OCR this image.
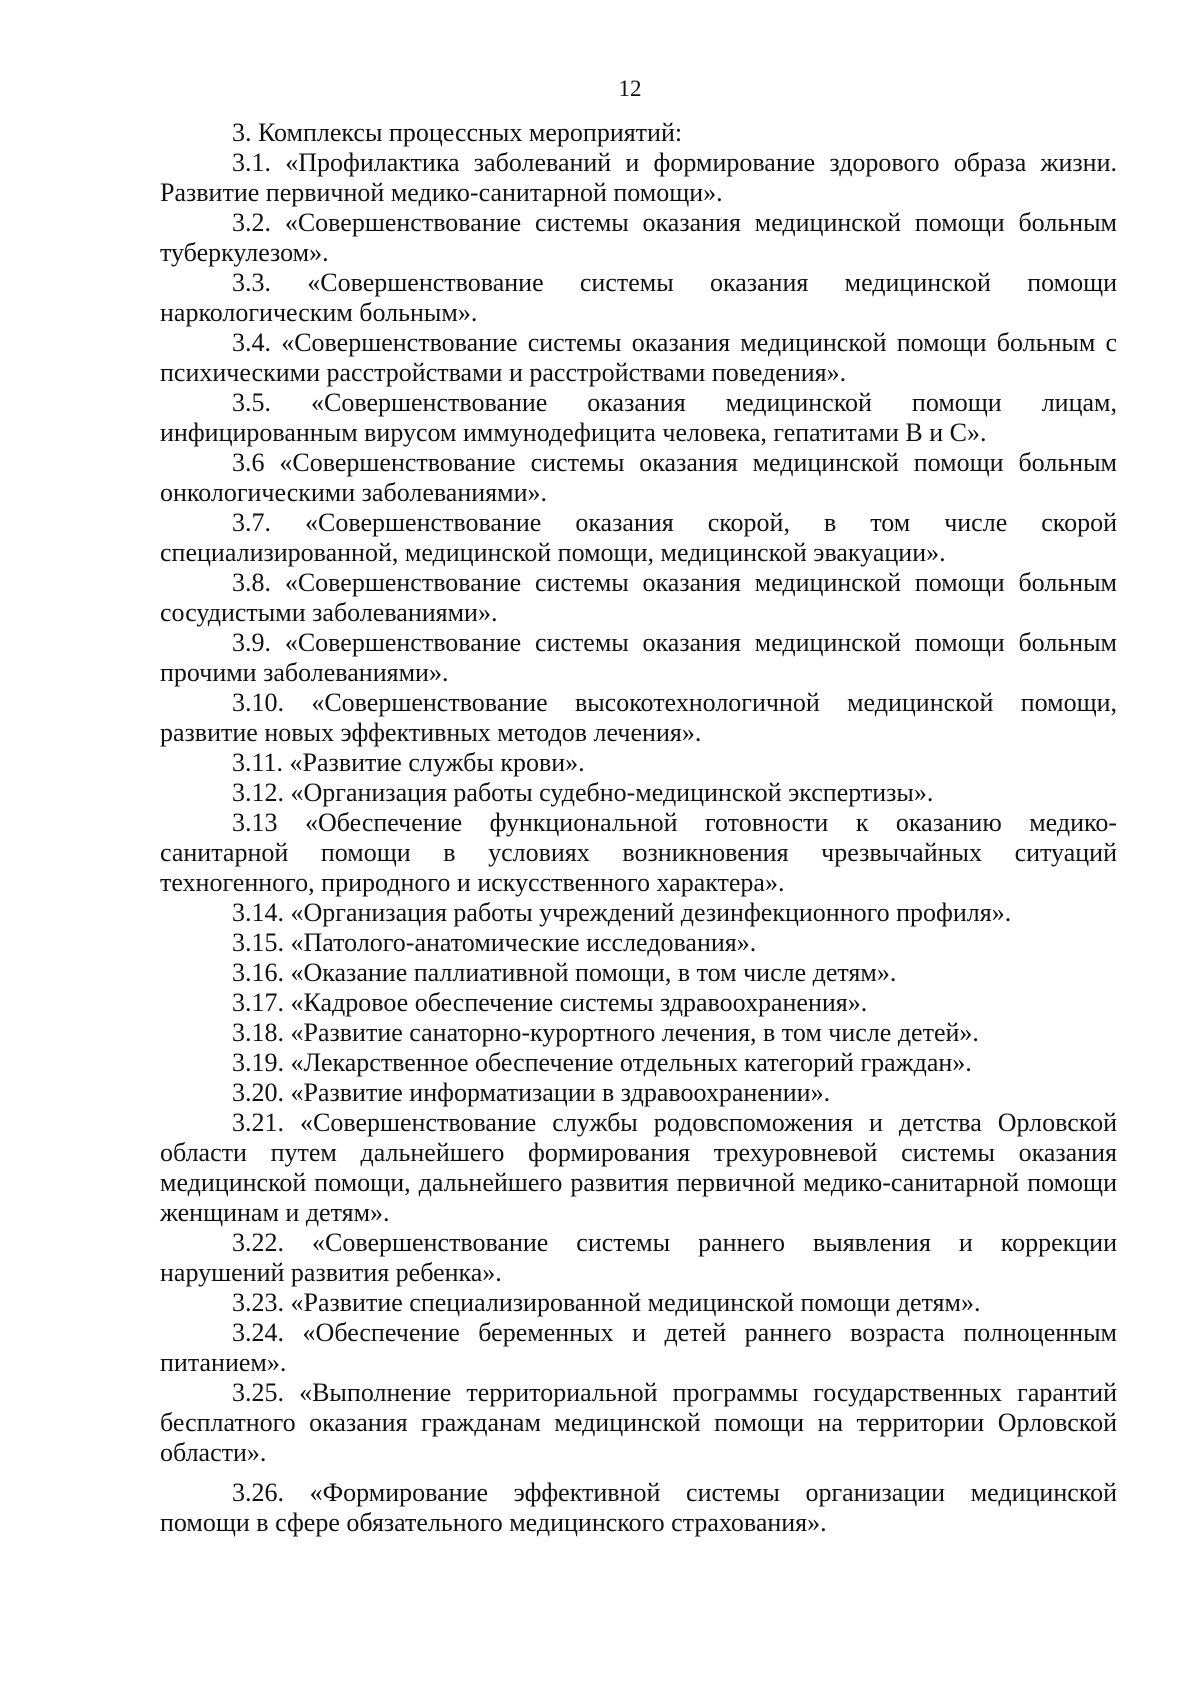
12

3. Комплексы процессных мероприятий:

3.1. «Профилактика заболеваний и формирование здорового образа жизни. Развитие первичной медико-санитарной помощи».

3.2. «Совершенствование системы оказания медицинской помощи больным туберкулезом».

3.3. «Совершенствование системы оказания медицинской помощи наркологическим больным».

3.4. «Совершенствование системы оказания медицинской помощи больным с психическими расстройствами и расстройствами поведения».

3.5. «Совершенствование оказания медицинской помощи лицам, инфицированным вирусом иммунодефицита человека, гепатитами В и С».

3.6 «Совершенствование системы оказания медицинской помощи больным онкологическими заболеваниями».

3.7. «Совершенствование оказания скорой, в том числе скорой специализированной, медицинской помощи, медицинской эвакуации».

3.8. «Совершенствование системы оказания медицинской помощи больным сосудистыми заболеваниями».

3.9. «Совершенствование системы оказания медицинской помощи больным прочими заболеваниями».

3.10. «Совершенствование высокотехнологичной медицинской помощи, развитие новых эффективных методов лечения».

3.11. «Развитие службы крови».

3.12. «Организация работы судебно-медицинской экспертизы».

3.13 «Обеспечение функциональной готовности к оказанию медико-санитарной помощи в условиях возникновения чрезвычайных ситуаций техногенного, природного и искусственного характера».

3.14. «Организация работы учреждений дезинфекционного профиля».

3.15. «Патолого-анатомические исследования».

3.16. «Оказание паллиативной помощи, в том числе детям».

3.17. «Кадровое обеспечение системы здравоохранения».

3.18. «Развитие санаторно-курортного лечения, в том числе детей».

3.19. «Лекарственное обеспечение отдельных категорий граждан».

3.20. «Развитие информатизации в здравоохранении».

3.21. «Совершенствование службы родовспоможения и детства Орловской области путем дальнейшего формирования трехуровневой системы оказания медицинской помощи, дальнейшего развития первичной медико-санитарной помощи женщинам и детям».

3.22. «Совершенствование системы раннего выявления и коррекции нарушений развития ребенка».

3.23. «Развитие специализированной медицинской помощи детям».

3.24. «Обеспечение беременных и детей раннего возраста полноценным питанием».

3.25. «Выполнение территориальной программы государственных гарантий бесплатного оказания гражданам медицинской помощи на территории Орловской области».

3.26. «Формирование эффективной системы организации медицинской помощи в сфере обязательного медицинского страхования».
